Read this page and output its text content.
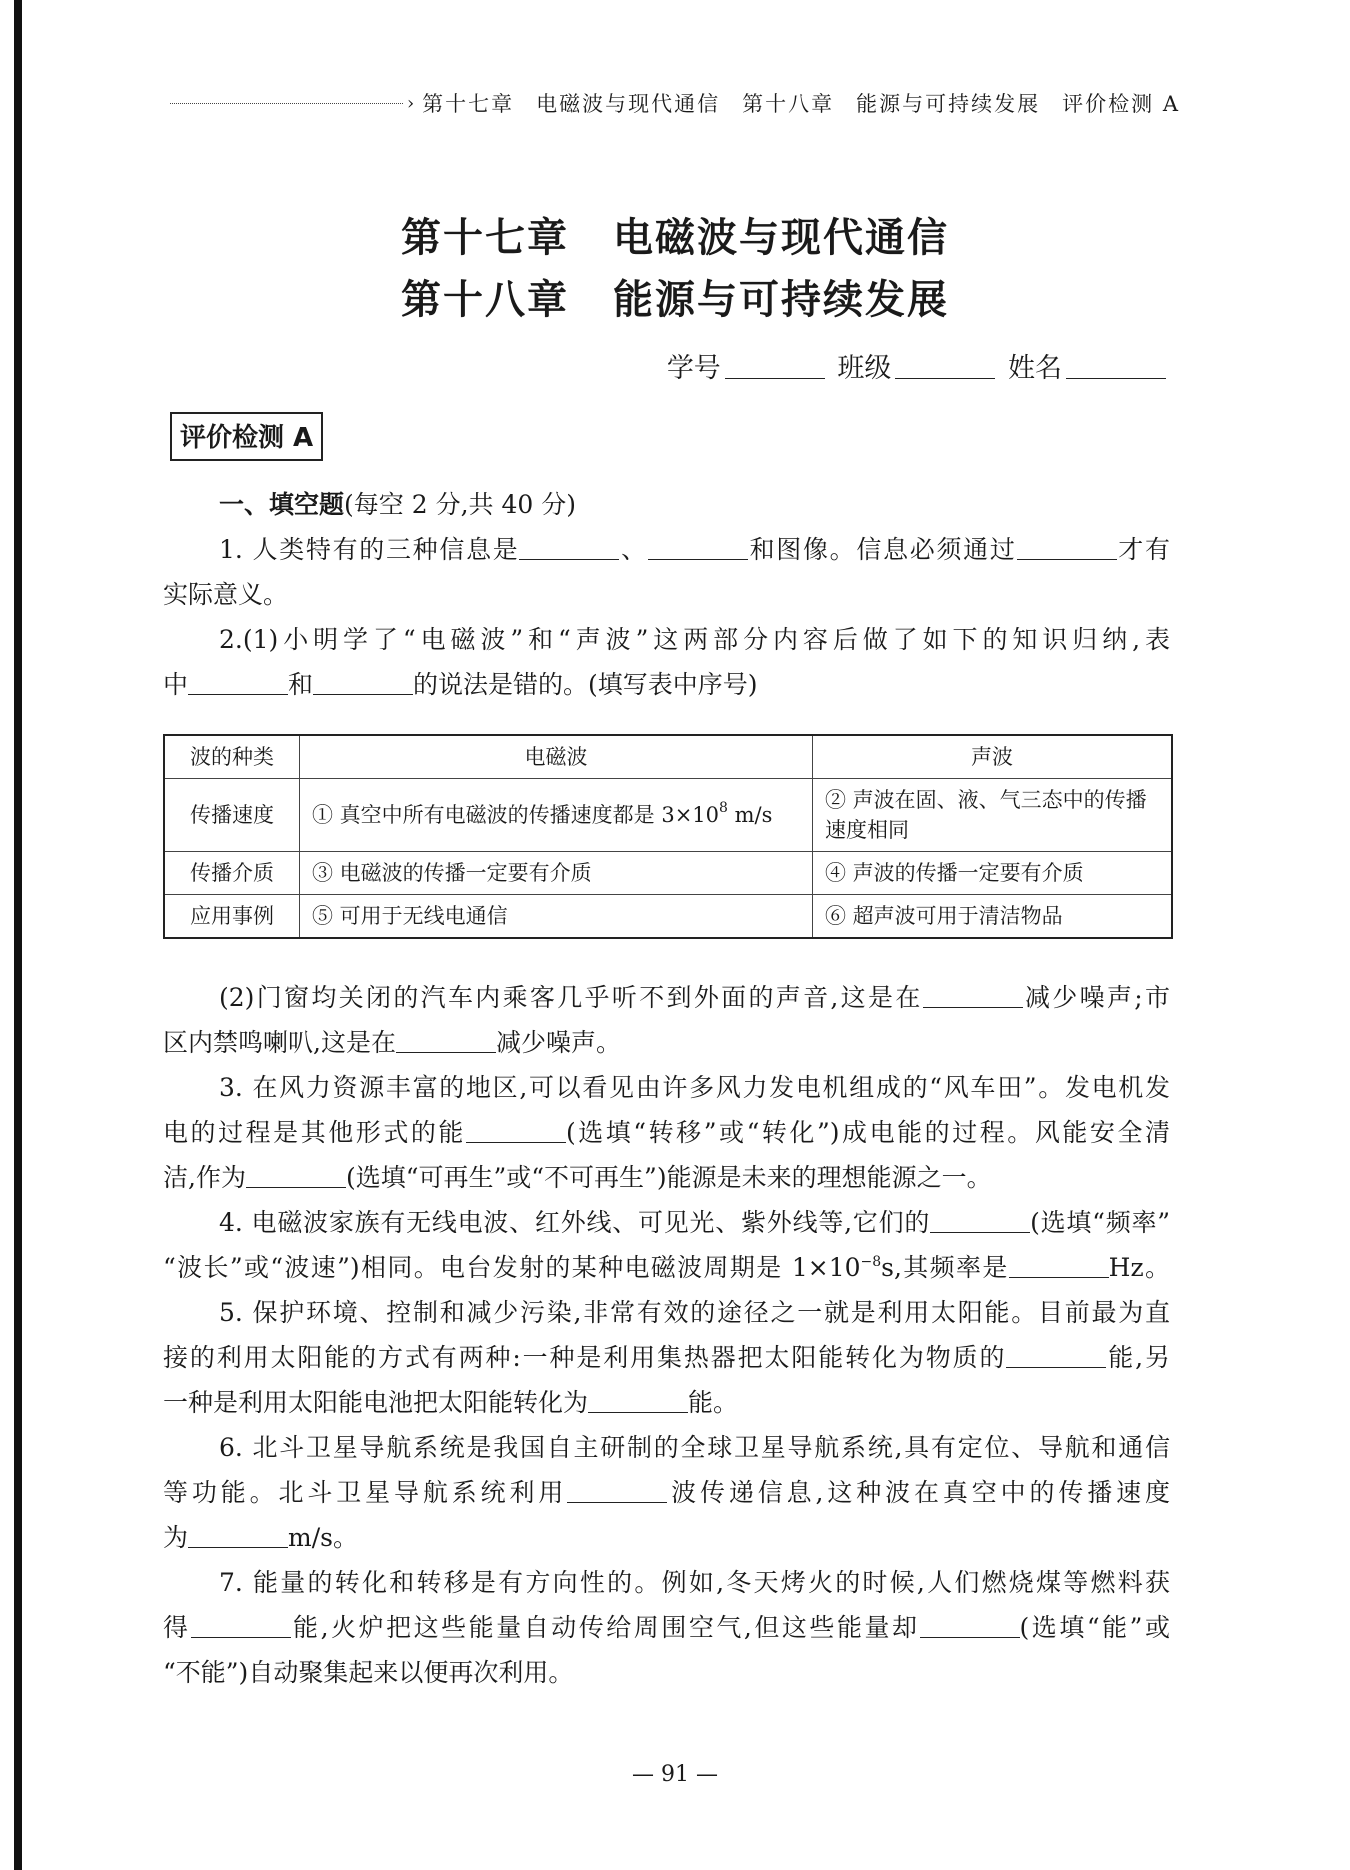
› 第十七章 电磁波与现代通信 第十八章 能源与可持续发展 评价检测 A
第十七章 电磁波与现代通信
第十八章 能源与可持续发展
学号	班级	姓名
评价检测 A
一、填空题(每空 2 分,共 40 分)
1. 人类特有的三种信息是	、	和图像。信息必须通过	才有
实际意义。
2.(1)小明学了“电磁波”和“声波”这两部分内容后做了如下的知识归纳,表
中	和	的说法是错的。(填写表中序号)
波的种类	电磁波	声波
传播速度	① 真空中所有电磁波的传播速度都是 $3\times 10^8$ m/s	② 声波在固、液、气三态中的传播速度相同
传播介质	③ 电磁波的传播一定要有介质	④ 声波的传播一定要有介质
应用事例	⑤ 可用于无线电通信	⑥ 超声波可用于清洁物品
(2)门窗均关闭的汽车内乘客几乎听不到外面的声音,这是在	减少噪声;市
区内禁鸣喇叭,这是在	减少噪声。
3. 在风力资源丰富的地区,可以看见由许多风力发电机组成的“风车田”。发电机发
电的过程是其他形式的能	(选填“转移”或“转化”)成电能的过程。风能安全清
洁,作为	(选填“可再生”或“不可再生”)能源是未来的理想能源之一。
4. 电磁波家族有无线电波、红外线、可见光、紫外线等,它们的	(选填“频率”
“波长”或“波速”)相同。电台发射的某种电磁波周期是 $1\times 10^{-8}s$,其频率是	Hz。
5. 保护环境、控制和减少污染,非常有效的途径之一就是利用太阳能。目前最为直
接的利用太阳能的方式有两种:一种是利用集热器把太阳能转化为物质的	能,另
一种是利用太阳能电池把太阳能转化为	能。
6. 北斗卫星导航系统是我国自主研制的全球卫星导航系统,具有定位、导航和通信
等功能。北斗卫星导航系统利用	波传递信息,这种波在真空中的传播速度
为	m/s。
7. 能量的转化和转移是有方向性的。例如,冬天烤火的时候,人们燃烧煤等燃料获
得	能,火炉把这些能量自动传给周围空气,但这些能量却	(选填“能”或
“不能”)自动聚集起来以便再次利用。
— 91 —
